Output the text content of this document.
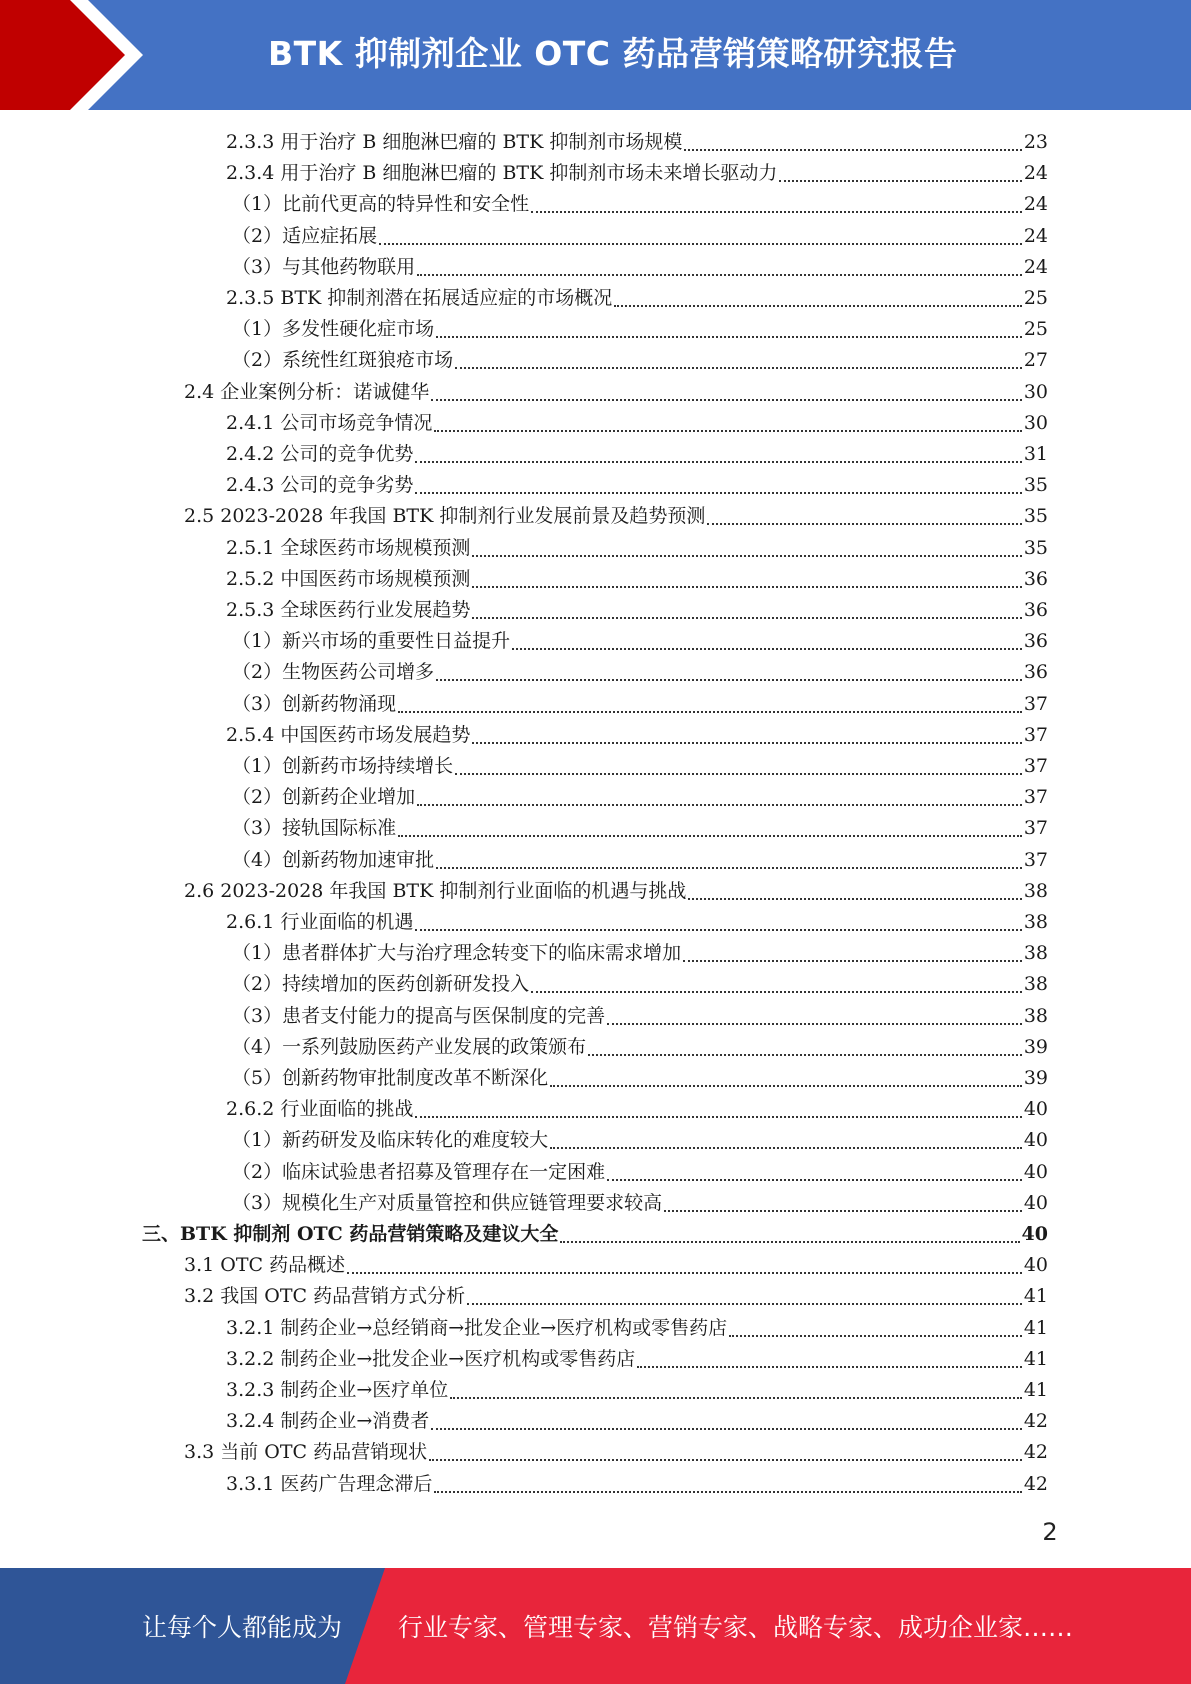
BTK 抑制剂企业 OTC 药品营销策略研究报告
2.3.3 用于治疗 B 细胞淋巴瘤的 BTK 抑制剂市场规模	23
2.3.4 用于治疗 B 细胞淋巴瘤的 BTK 抑制剂市场未来增长驱动力	24
（1）比前代更高的特异性和安全性	24
（2）适应症拓展	24
（3）与其他药物联用	24
2.3.5 BTK 抑制剂潜在拓展适应症的市场概况	25
（1）多发性硬化症市场	25
（2）系统性红斑狼疮市场	27
2.4 企业案例分析：诺诚健华	30
2.4.1 公司市场竞争情况	30
2.4.2 公司的竞争优势	31
2.4.3 公司的竞争劣势	35
2.5 2023-2028 年我国 BTK 抑制剂行业发展前景及趋势预测	35
2.5.1 全球医药市场规模预测	35
2.5.2 中国医药市场规模预测	36
2.5.3 全球医药行业发展趋势	36
（1）新兴市场的重要性日益提升	36
（2）生物医药公司增多	36
（3）创新药物涌现	37
2.5.4 中国医药市场发展趋势	37
（1）创新药市场持续增长	37
（2）创新药企业增加	37
（3）接轨国际标准	37
（4）创新药物加速审批	37
2.6 2023-2028 年我国 BTK 抑制剂行业面临的机遇与挑战	38
2.6.1 行业面临的机遇	38
（1）患者群体扩大与治疗理念转变下的临床需求增加	38
（2）持续增加的医药创新研发投入	38
（3）患者支付能力的提高与医保制度的完善	38
（4）一系列鼓励医药产业发展的政策颁布	39
（5）创新药物审批制度改革不断深化	39
2.6.2 行业面临的挑战	40
（1）新药研发及临床转化的难度较大	40
（2）临床试验患者招募及管理存在一定困难	40
（3）规模化生产对质量管控和供应链管理要求较高	40
三、BTK 抑制剂 OTC 药品营销策略及建议大全	40
3.1 OTC 药品概述	40
3.2 我国 OTC 药品营销方式分析	41
3.2.1 制药企业→总经销商→批发企业→医疗机构或零售药店	41
3.2.2 制药企业→批发企业→医疗机构或零售药店	41
3.2.3 制药企业→医疗单位	41
3.2.4 制药企业→消费者	42
3.3 当前 OTC 药品营销现状	42
3.3.1 医药广告理念滞后	42
2
让每个人都能成为 行业专家、管理专家、营销专家、战略专家、成功企业家……
